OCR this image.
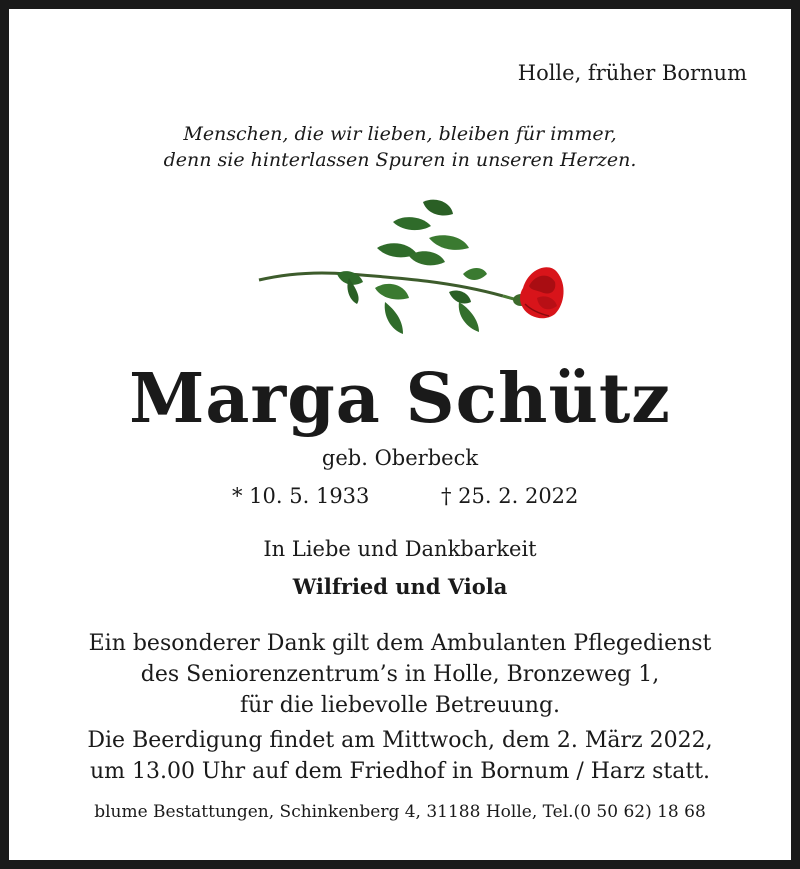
Holle, früher Bornum
Menschen, die wir lieben, bleiben für immer,
denn sie hinterlassen Spuren in unseren Herzen.
Marga Schütz
geb. Oberbeck
* 10. 5. 1933	† 25. 2. 2022
In Liebe und Dankbarkeit
Wilfried und Viola
Ein besonderer Dank gilt dem Ambulanten Pflegedienst
des Seniorenzentrum’s in Holle, Bronzeweg 1,
für die liebevolle Betreuung.
Die Beerdigung findet am Mittwoch, dem 2. März 2022,
um 13.00 Uhr auf dem Friedhof in Bornum / Harz statt.
blume Bestattungen, Schinkenberg 4, 31188 Holle, Tel.(0 50 62) 18 68
